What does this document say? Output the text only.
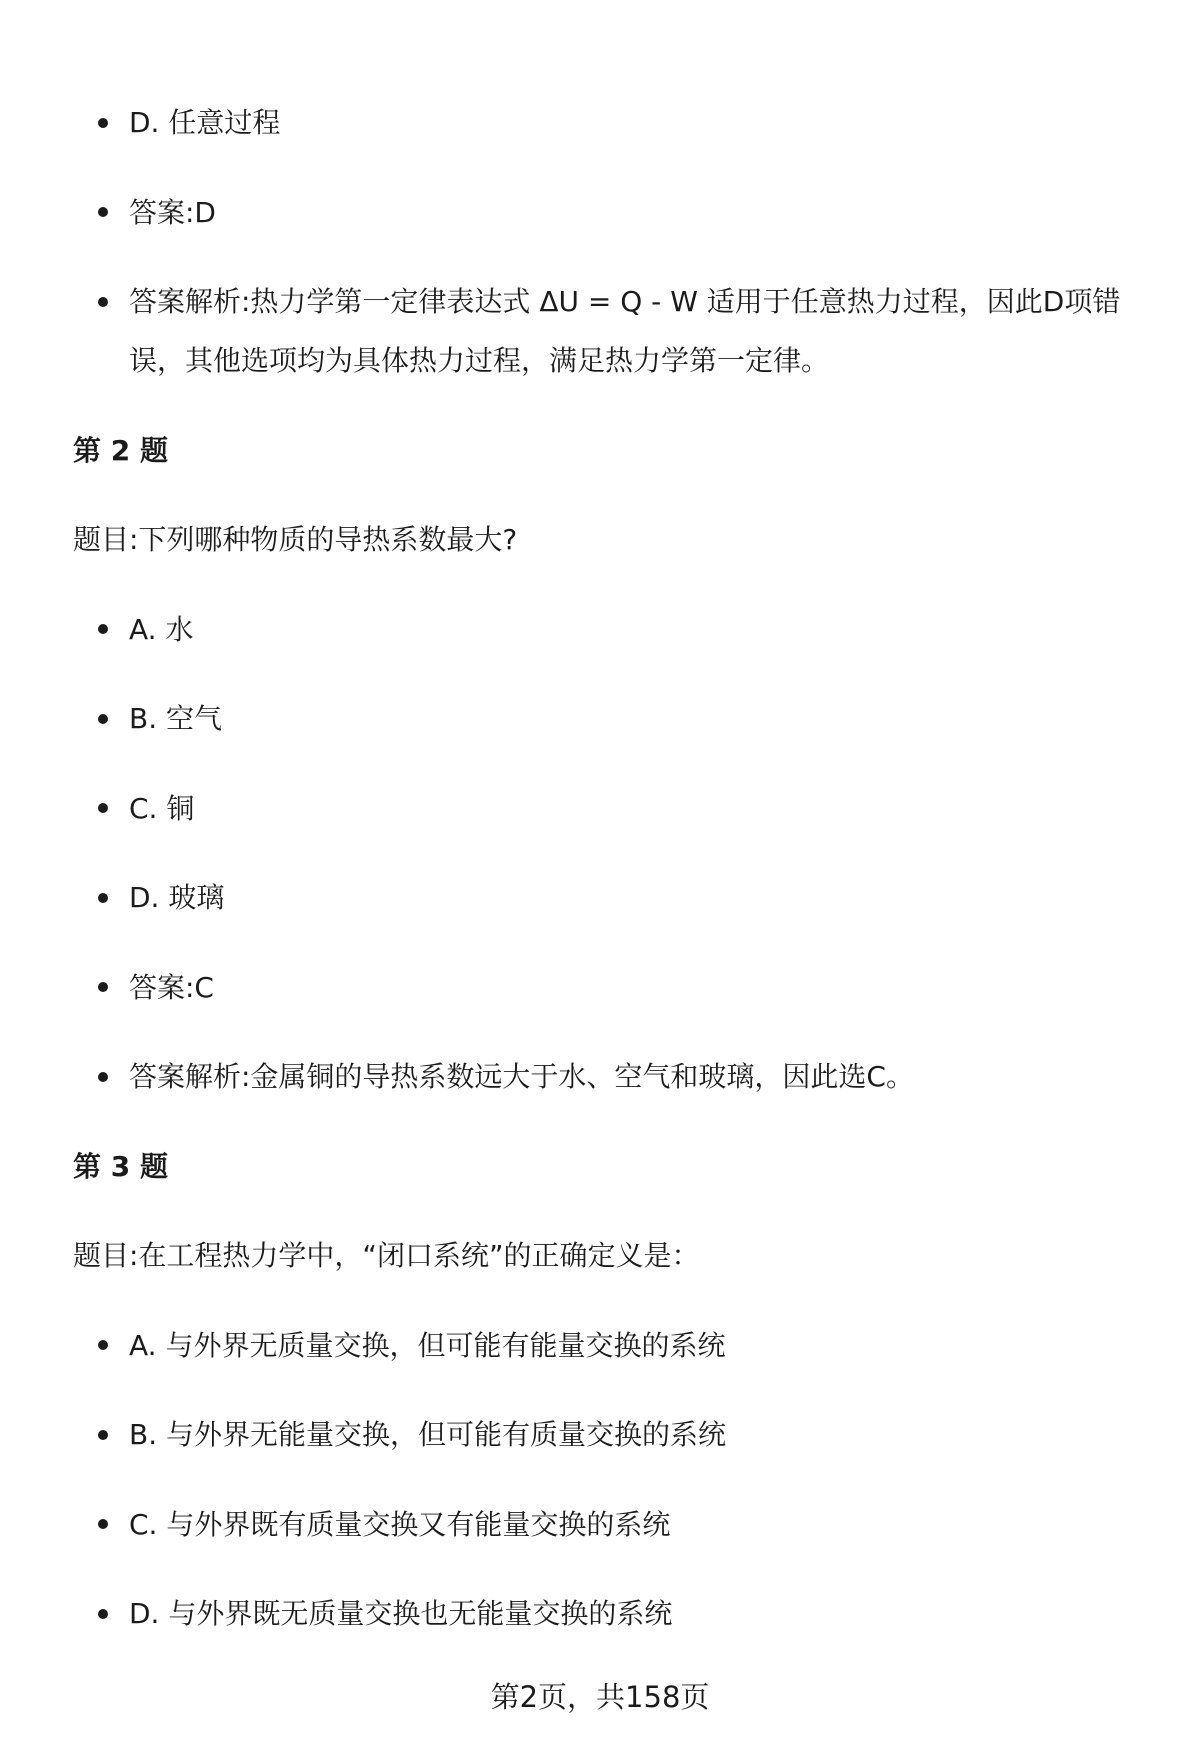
D. 任意过程
答案:D
答案解析:热力学第一定律表达式 ΔU = Q - W 适用于任意热力过程，因此D项错误，其他选项均为具体热力过程，满足热力学第一定律。
第 2 题
题目:下列哪种物质的导热系数最大?
A. 水
B. 空气
C. 铜
D. 玻璃
答案:C
答案解析:金属铜的导热系数远大于水、空气和玻璃，因此选C。
第 3 题
题目:在工程热力学中，“闭口系统”的正确定义是：
A. 与外界无质量交换，但可能有能量交换的系统
B. 与外界无能量交换，但可能有质量交换的系统
C. 与外界既有质量交换又有能量交换的系统
D. 与外界既无质量交换也无能量交换的系统
第2页，共158页
